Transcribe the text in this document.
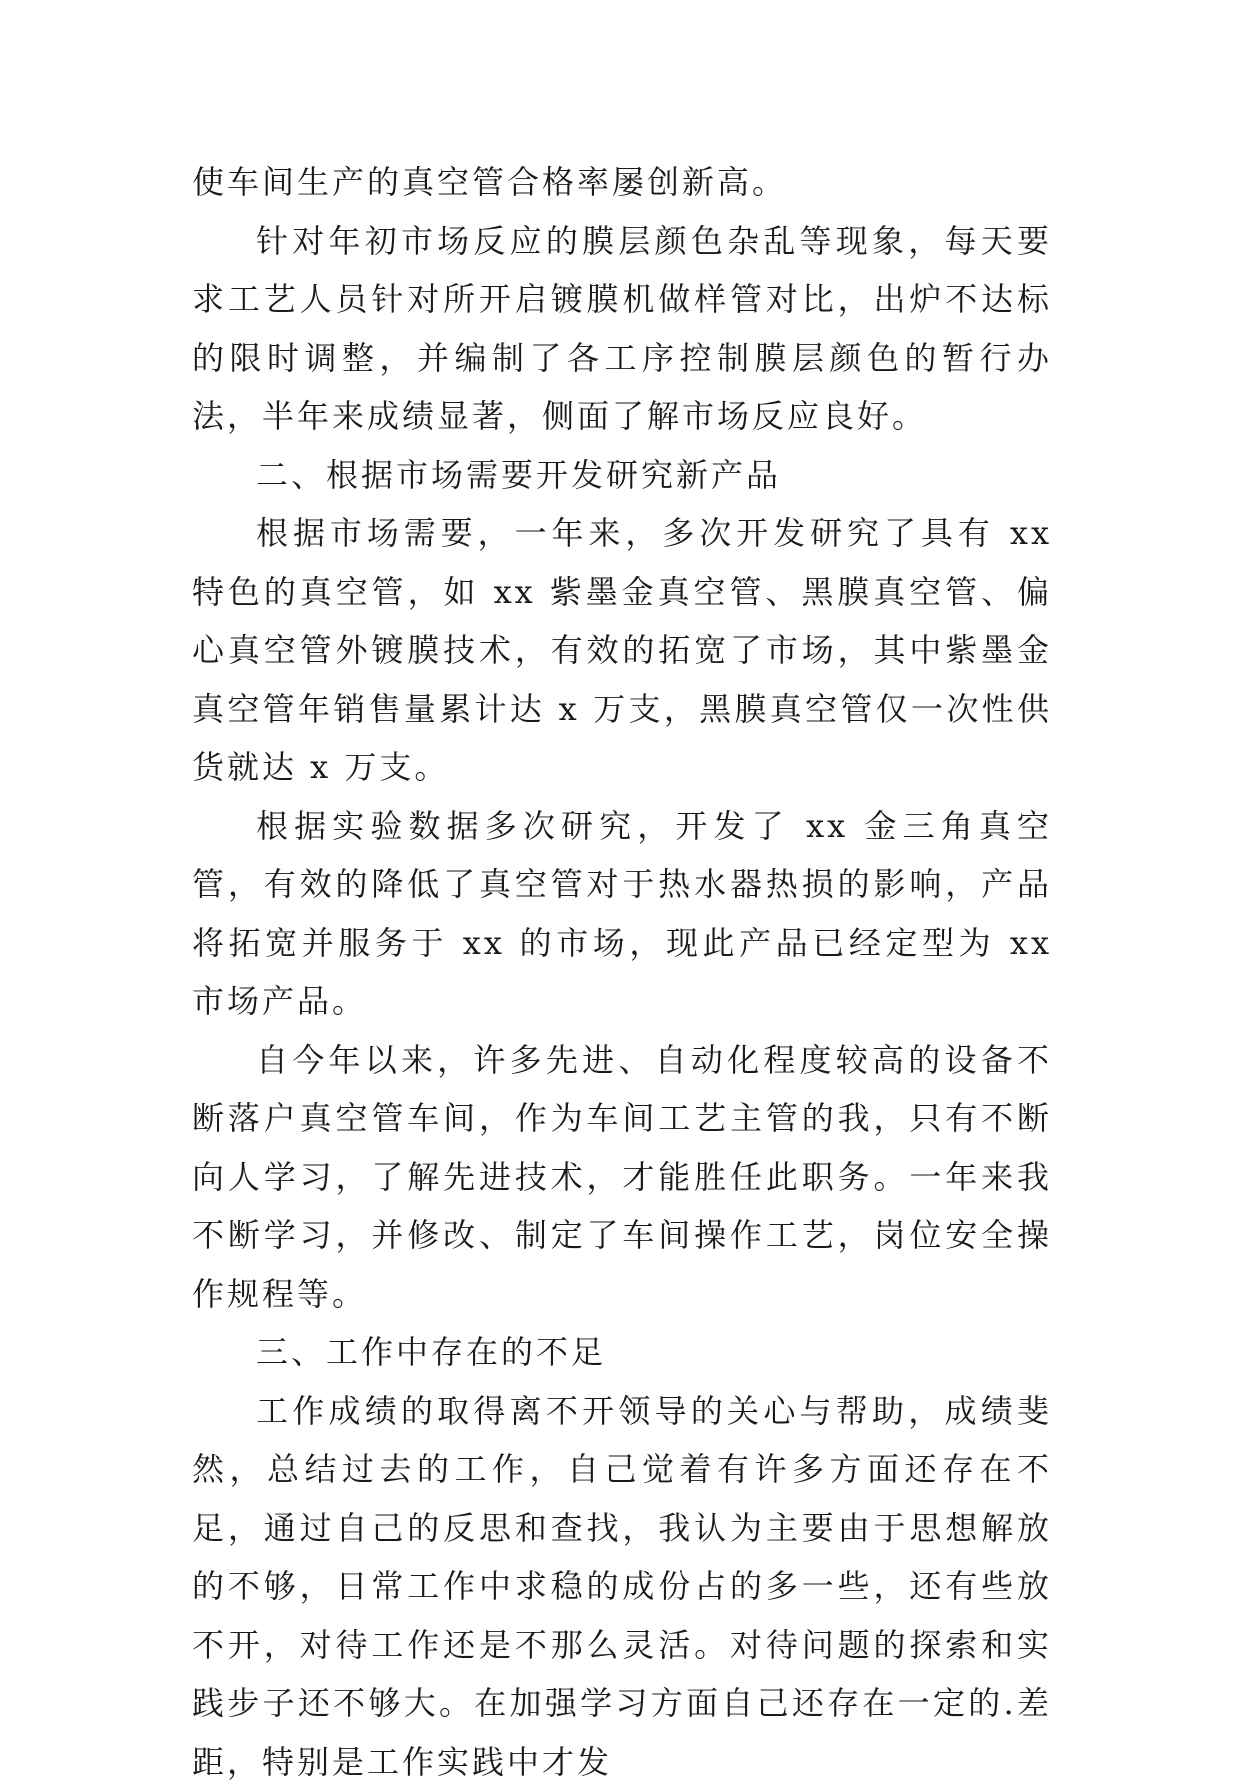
使车间生产的真空管合格率屡创新高。

针对年初市场反应的膜层颜色杂乱等现象，每天要求工艺人员针对所开启镀膜机做样管对比，出炉不达标的限时调整，并编制了各工序控制膜层颜色的暂行办法，半年来成绩显著，侧面了解市场反应良好。

二、根据市场需要开发研究新产品

根据市场需要，一年来，多次开发研究了具有 xx 特色的真空管，如 xx 紫墨金真空管、黑膜真空管、偏心真空管外镀膜技术，有效的拓宽了市场，其中紫墨金真空管年销售量累计达 x 万支，黑膜真空管仅一次性供货就达 x 万支。

根据实验数据多次研究，开发了 xx 金三角真空管，有效的降低了真空管对于热水器热损的影响，产品将拓宽并服务于 xx 的市场，现此产品已经定型为 xx 市场产品。

自今年以来，许多先进、自动化程度较高的设备不断落户真空管车间，作为车间工艺主管的我，只有不断向人学习，了解先进技术，才能胜任此职务。一年来我不断学习，并修改、制定了车间操作工艺，岗位安全操作规程等。

三、工作中存在的不足

工作成绩的取得离不开领导的关心与帮助，成绩斐然，总结过去的工作，自己觉着有许多方面还存在不足，通过自己的反思和查找，我认为主要由于思想解放的不够，日常工作中求稳的成份占的多一些，还有些放不开，对待工作还是不那么灵活。对待问题的探索和实践步子还不够大。在加强学习方面自己还存在一定的.差距，特别是工作实践中才发
